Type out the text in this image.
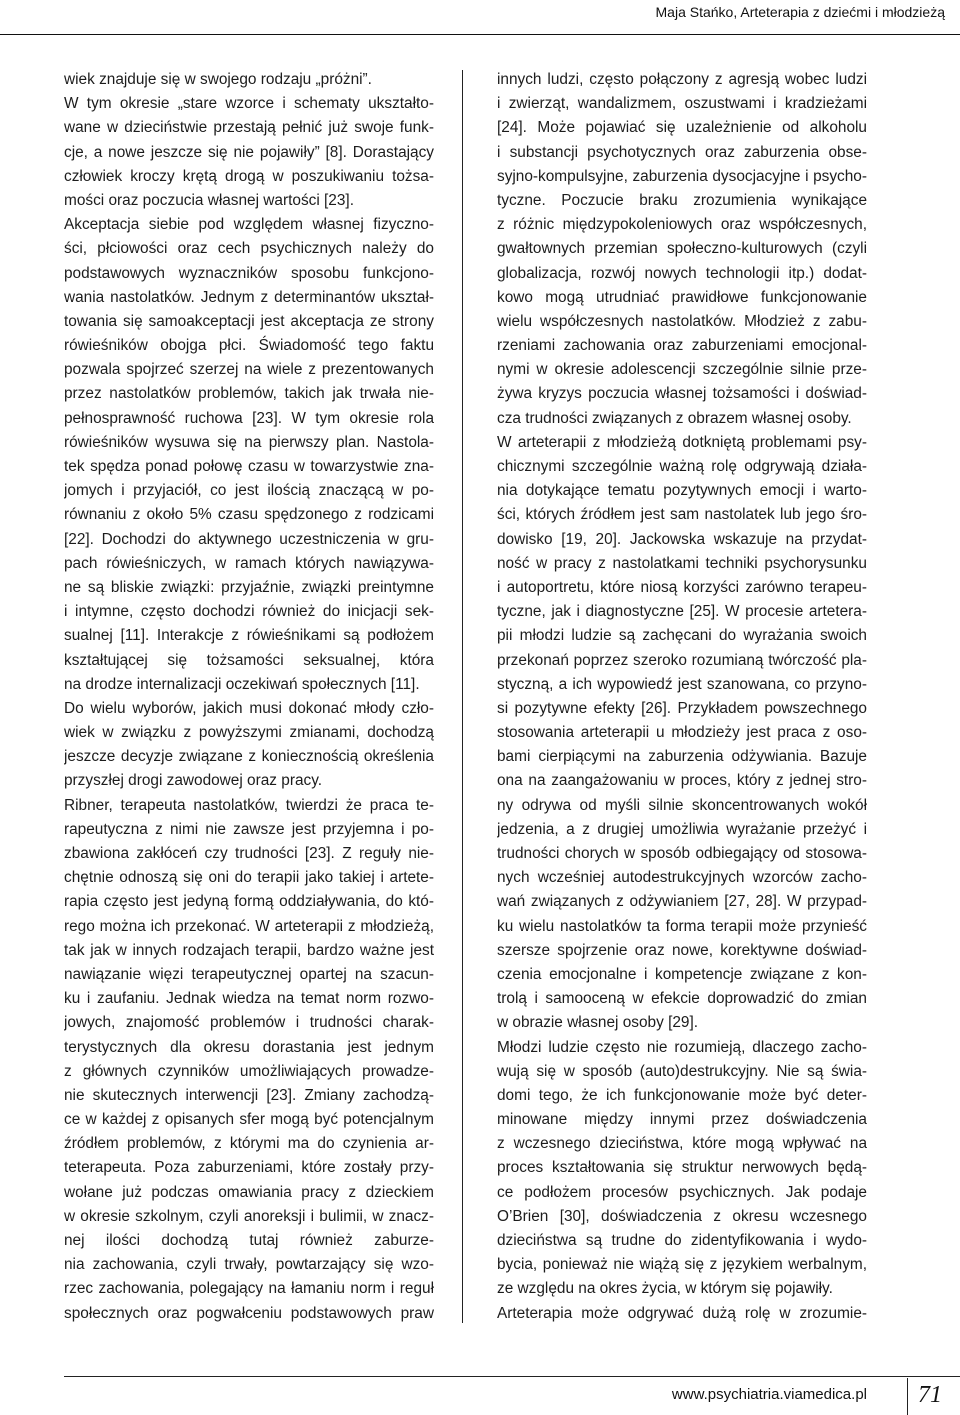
Maja Stańko, Arteterapia z dziećmi i młodzieżą
wiek znajduje się w swojego rodzaju „próżni”.
W tym okresie „stare wzorce i schematy ukształto-
wane w dzieciństwie przestają pełnić już swoje funk-
cje, a nowe jeszcze się nie pojawiły” [8]. Dorastający
człowiek kroczy krętą drogą w poszukiwaniu tożsa-
mości oraz poczucia własnej wartości [23].
Akceptacja siebie pod względem własnej fizyczno-
ści, płciowości oraz cech psychicznych należy do
podstawowych wyznaczników sposobu funkcjono-
wania nastolatków. Jednym z determinantów ukształ-
towania się samoakceptacji jest akceptacja ze strony
rówieśników obojga płci. Świadomość tego faktu
pozwala spojrzeć szerzej na wiele z prezentowanych
przez nastolatków problemów, takich jak trwała nie-
pełnosprawność ruchowa [23]. W tym okresie rola
rówieśników wysuwa się na pierwszy plan. Nastola-
tek spędza ponad połowę czasu w towarzystwie zna-
jomych i przyjaciół, co jest ilością znaczącą w po-
równaniu z około 5% czasu spędzonego z rodzicami
[22]. Dochodzi do aktywnego uczestniczenia w gru-
pach rówieśniczych, w ramach których nawiązywa-
ne są bliskie związki: przyjaźnie, związki preintymne
i intymne, często dochodzi również do inicjacji sek-
sualnej [11]. Interakcje z rówieśnikami są podłożem
kształtującej się tożsamości seksualnej, która
na drodze internalizacji oczekiwań społecznych [11].
Do wielu wyborów, jakich musi dokonać młody czło-
wiek w związku z powyższymi zmianami, dochodzą
jeszcze decyzje związane z koniecznością określenia
przyszłej drogi zawodowej oraz pracy.
Ribner, terapeuta nastolatków, twierdzi że praca te-
rapeutyczna z nimi nie zawsze jest przyjemna i po-
zbawiona zakłóceń czy trudności [23]. Z reguły nie-
chętnie odnoszą się oni do terapii jako takiej i artete-
rapia często jest jedyną formą oddziaływania, do któ-
rego można ich przekonać. W arteterapii z młodzieżą,
tak jak w innych rodzajach terapii, bardzo ważne jest
nawiązanie więzi terapeutycznej opartej na szacun-
ku i zaufaniu. Jednak wiedza na temat norm rozwo-
jowych, znajomość problemów i trudności charak-
terystycznych dla okresu dorastania jest jednym
z głównych czynników umożliwiających prowadze-
nie skutecznych interwencji [23]. Zmiany zachodzą-
ce w każdej z opisanych sfer mogą być potencjalnym
źródłem problemów, z którymi ma do czynienia ar-
teterapeuta. Poza zaburzeniami, które zostały przy-
wołane już podczas omawiania pracy z dzieckiem
w okresie szkolnym, czyli anoreksji i bulimii, w znacz-
nej ilości dochodzą tutaj również zaburze-
nia zachowania, czyli trwały, powtarzający się wzo-
rzec zachowania, polegający na łamaniu norm i reguł
społecznych oraz pogwałceniu podstawowych praw
innych ludzi, często połączony z agresją wobec ludzi
i zwierząt, wandalizmem, oszustwami i kradzieżami
[24]. Może pojawiać się uzależnienie od alkoholu
i substancji psychotycznych oraz zaburzenia obse-
syjno-kompulsyjne, zaburzenia dysocjacyjne i psycho-
tyczne. Poczucie braku zrozumienia wynikające
z różnic międzypokoleniowych oraz współczesnych,
gwałtownych przemian społeczno-kulturowych (czyli
globalizacja, rozwój nowych technologii itp.) dodat-
kowo mogą utrudniać prawidłowe funkcjonowanie
wielu współczesnych nastolatków. Młodzież z zabu-
rzeniami zachowania oraz zaburzeniami emocjonal-
nymi w okresie adolescencji szczególnie silnie prze-
żywa kryzys poczucia własnej tożsamości i doświad-
cza trudności związanych z obrazem własnej osoby.
W arteterapii z młodzieżą dotkniętą problemami psy-
chicznymi szczególnie ważną rolę odgrywają działa-
nia dotykające tematu pozytywnych emocji i warto-
ści, których źródłem jest sam nastolatek lub jego śro-
dowisko [19, 20]. Jackowska wskazuje na przydat-
ność w pracy z nastolatkami techniki psychorysunku
i autoportretu, które niosą korzyści zarówno terapeu-
tyczne, jak i diagnostyczne [25]. W procesie artetera-
pii młodzi ludzie są zachęcani do wyrażania swoich
przekonań poprzez szeroko rozumianą twórczość pla-
styczną, a ich wypowiedź jest szanowana, co przyno-
si pozytywne efekty [26]. Przykładem powszechnego
stosowania arteterapii u młodzieży jest praca z oso-
bami cierpiącymi na zaburzenia odżywiania. Bazuje
ona na zaangażowaniu w proces, który z jednej stro-
ny odrywa od myśli silnie skoncentrowanych wokół
jedzenia, a z drugiej umożliwia wyrażanie przeżyć i
trudności chorych w sposób odbiegający od stosowa-
nych wcześniej autodestrukcyjnych wzorców zacho-
wań związanych z odżywianiem [27, 28]. W przypad-
ku wielu nastolatków ta forma terapii może przynieść
szersze spojrzenie oraz nowe, korektywne doświad-
czenia emocjonalne i kompetencje związane z kon-
trolą i samooceną w efekcie doprowadzić do zmian
w obrazie własnej osoby [29].
Młodzi ludzie często nie rozumieją, dlaczego zacho-
wują się w sposób (auto)destrukcyjny. Nie są świa-
domi tego, że ich funkcjonowanie może być deter-
minowane między innymi przez doświadczenia
z wczesnego dzieciństwa, które mogą wpływać na
proces kształtowania się struktur nerwowych będą-
ce podłożem procesów psychicznych. Jak podaje
O’Brien [30], doświadczenia z okresu wczesnego
dzieciństwa są trudne do zidentyfikowania i wydo-
bycia, ponieważ nie wiążą się z językiem werbalnym,
ze względu na okres życia, w którym się pojawiły.
Arteterapia może odgrywać dużą rolę w zrozumie-
www.psychiatria.viamedica.pl 71
